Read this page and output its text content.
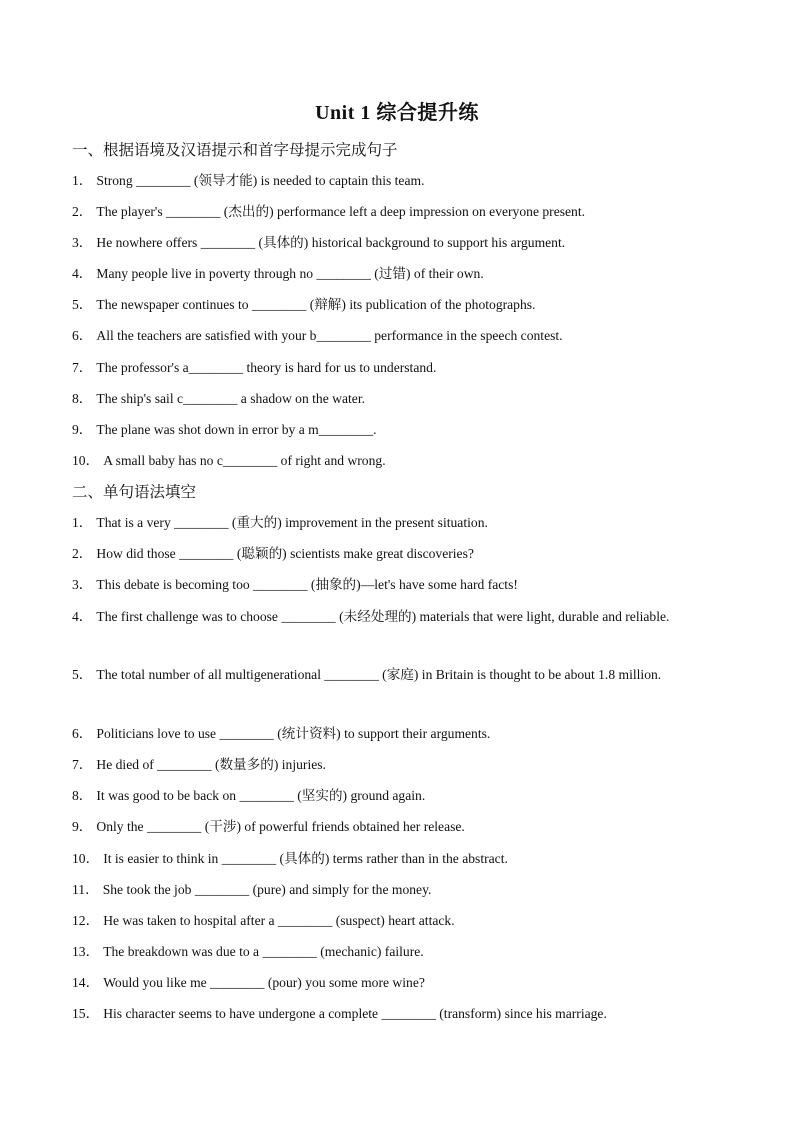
Unit 1 综合提升练
一、根据语境及汉语提示和首字母提示完成句子
1． Strong ________ (领导才能) is needed to captain this team.
2． The player's ________ (杰出的) performance left a deep impression on everyone present.
3． He nowhere offers ________ (具体的) historical background to support his argument.
4． Many people live in poverty through no ________ (过错) of their own.
5． The newspaper continues to ________ (辩解) its publication of the photographs.
6． All the teachers are satisfied with your b________ performance in the speech contest.
7． The professor's a________ theory is hard for us to understand.
8． The ship's sail c________ a shadow on the water.
9． The plane was shot down in error by a m________.
10． A small baby has no c________ of right and wrong.
二、单句语法填空
1． That is a very ________ (重大的) improvement in the present situation.
2． How did those ________ (聪颖的) scientists make great discoveries?
3． This debate is becoming too ________ (抽象的)—let's have some hard facts!
4． The first challenge was to choose ________ (未经处理的) materials that were light, durable and reliable.
5． The total number of all multigenerational ________ (家庭) in Britain is thought to be about 1.8 million.
6． Politicians love to use ________ (统计资料) to support their arguments.
7． He died of ________ (数量多的) injuries.
8． It was good to be back on ________ (坚实的) ground again.
9． Only the ________ (干涉) of powerful friends obtained her release.
10． It is easier to think in ________ (具体的) terms rather than in the abstract.
11． She took the job ________ (pure) and simply for the money.
12． He was taken to hospital after a ________ (suspect) heart attack.
13． The breakdown was due to a ________ (mechanic) failure.
14． Would you like me ________ (pour) you some more wine?
15． His character seems to have undergone a complete ________ (transform) since his marriage.
